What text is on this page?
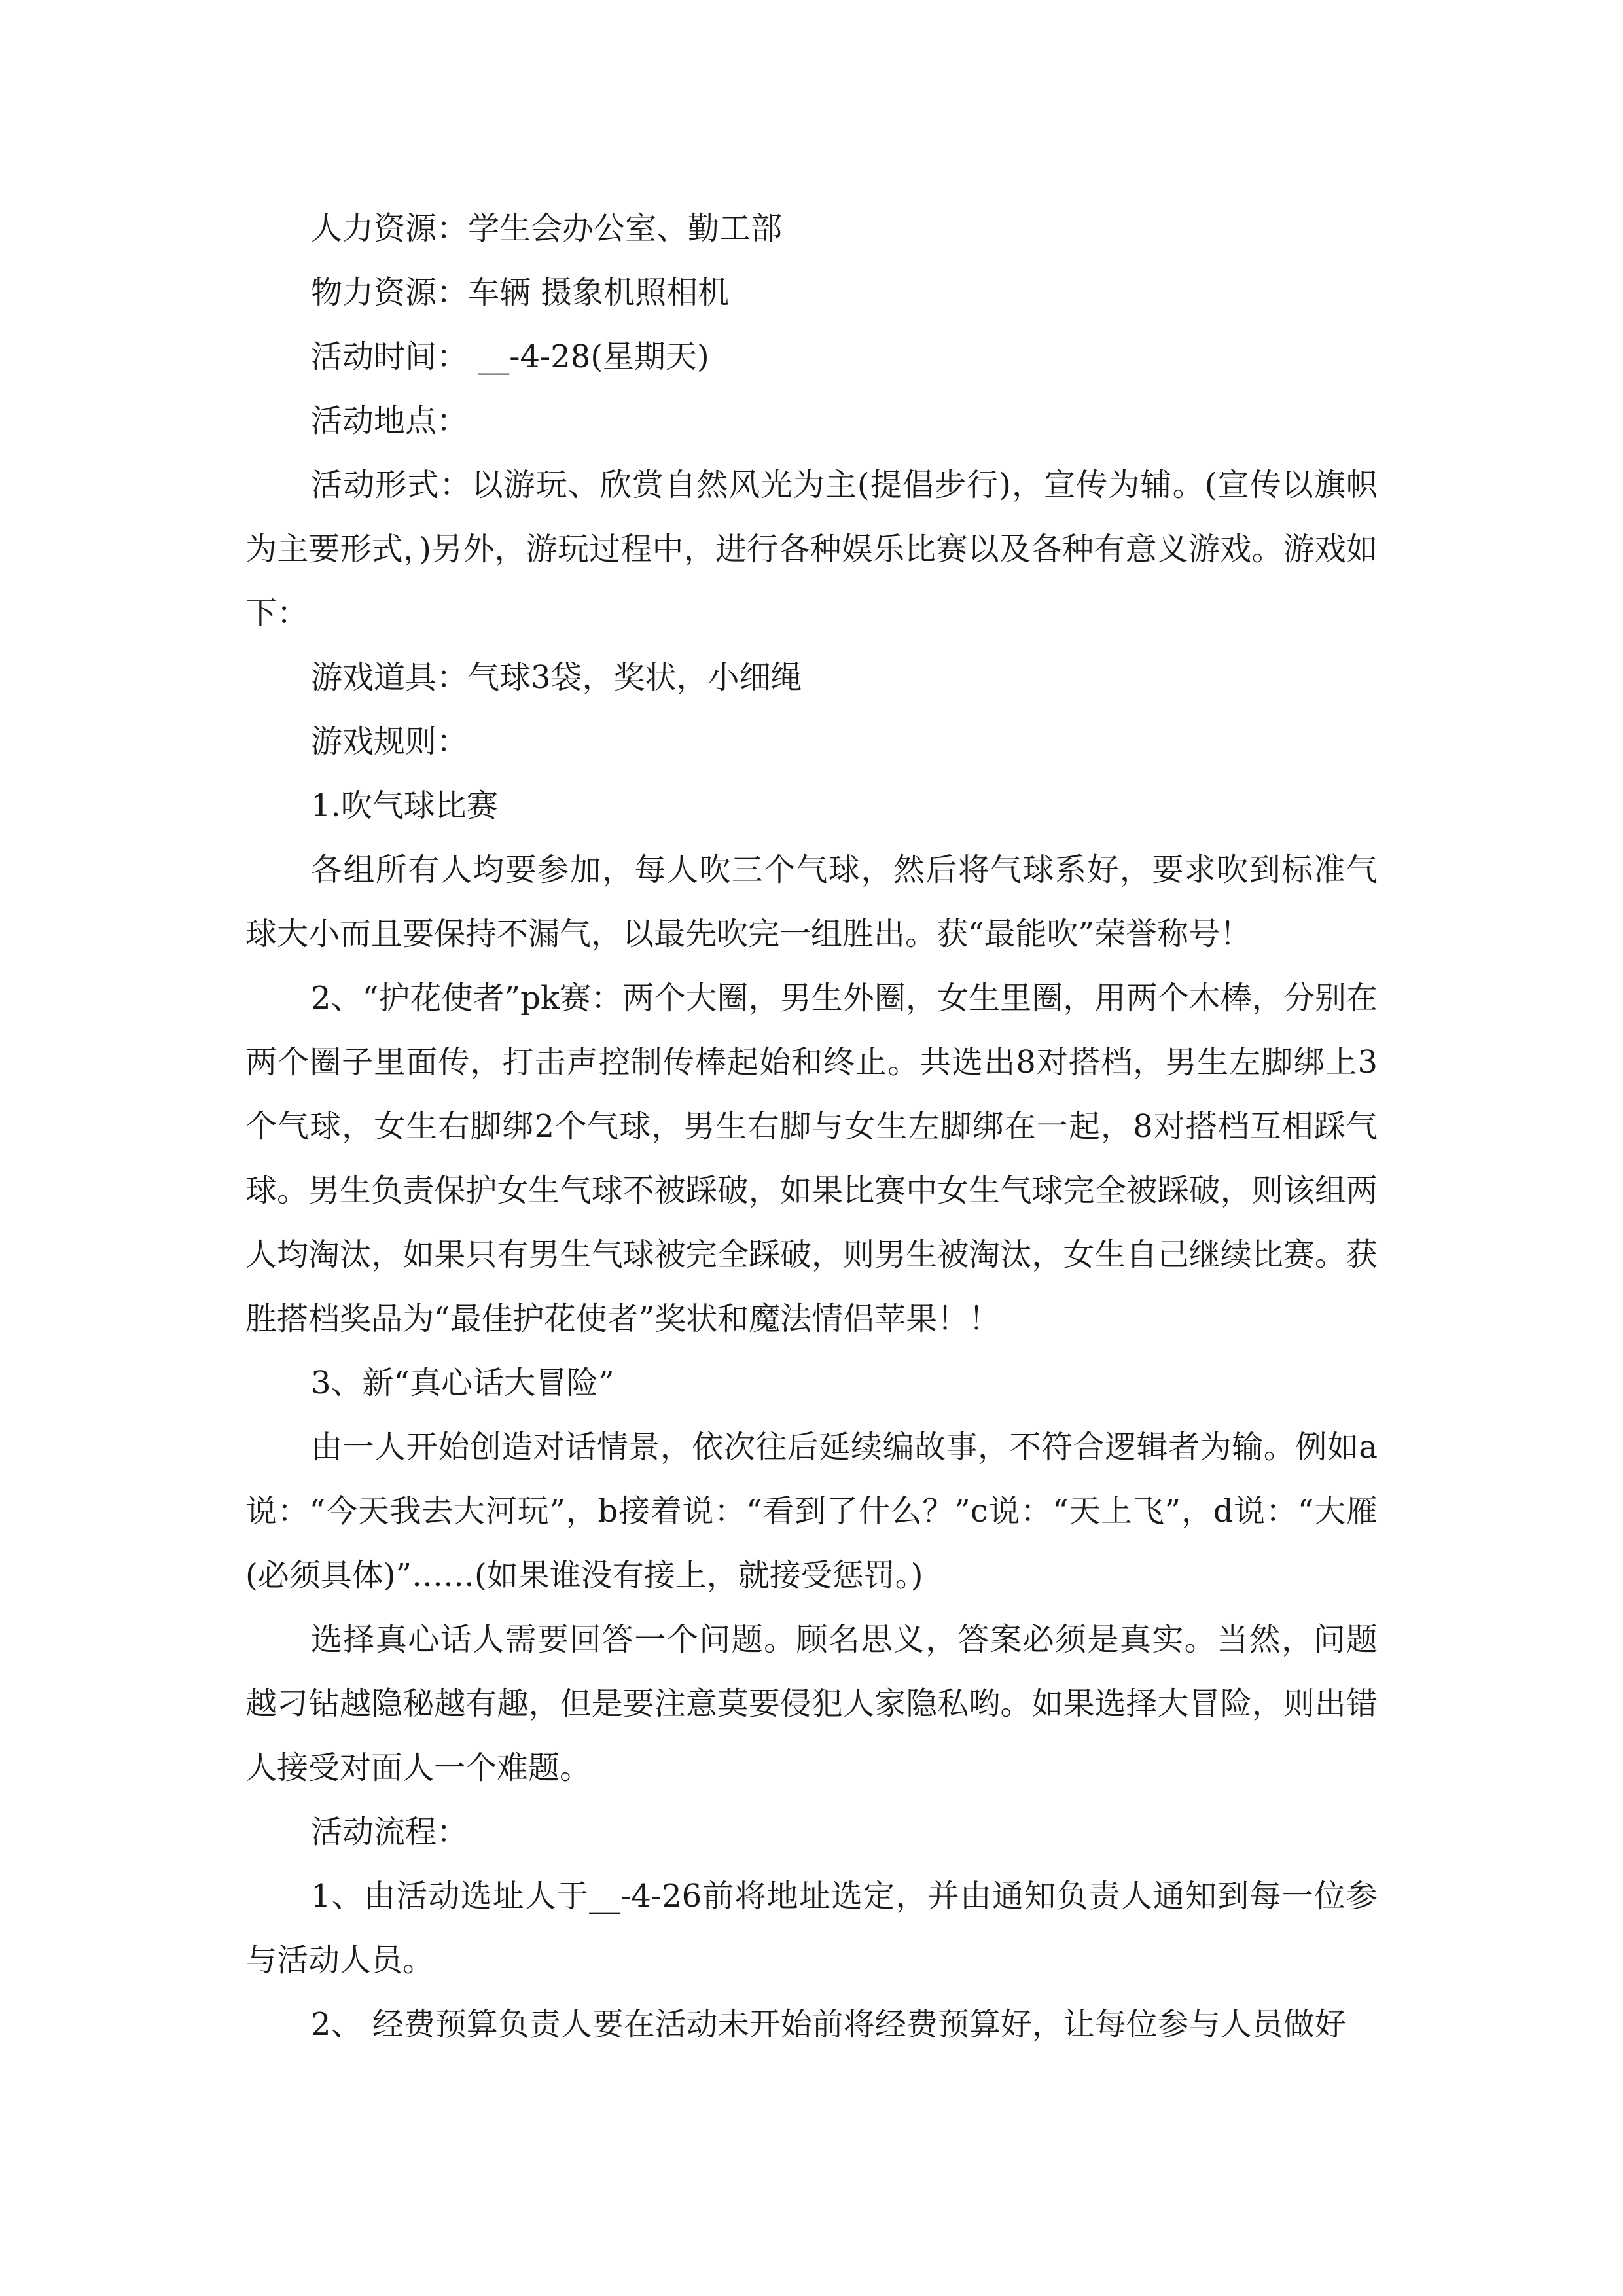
人力资源：学生会办公室、勤工部

物力资源：车辆 摄象机照相机

活动时间： __-4-28(星期天)

活动地点：

活动形式：以游玩、欣赏自然风光为主(提倡步行)，宣传为辅。(宣传以旗帜为主要形式，)另外，游玩过程中，进行各种娱乐比赛以及各种有意义游戏。游戏如下：

游戏道具：气球3袋，奖状，小细绳

游戏规则：

1.吹气球比赛

各组所有人均要参加，每人吹三个气球，然后将气球系好，要求吹到标准气球大小而且要保持不漏气，以最先吹完一组胜出。获“最能吹”荣誉称号！

2、“护花使者”pk赛：两个大圈，男生外圈，女生里圈，用两个木棒，分别在两个圈子里面传，打击声控制传棒起始和终止。共选出8对搭档，男生左脚绑上3个气球，女生右脚绑2个气球，男生右脚与女生左脚绑在一起，8对搭档互相踩气球。男生负责保护女生气球不被踩破，如果比赛中女生气球完全被踩破，则该组两人均淘汰，如果只有男生气球被完全踩破，则男生被淘汰，女生自己继续比赛。获胜搭档奖品为“最佳护花使者”奖状和魔法情侣苹果！！

3、新“真心话大冒险”

由一人开始创造对话情景，依次往后延续编故事，不符合逻辑者为输。例如a说：“今天我去大河玩”，b接着说：“看到了什么？”c说：“天上飞”，d说：“大雁(必须具体)”……(如果谁没有接上，就接受惩罚。)

选择真心话人需要回答一个问题。顾名思义，答案必须是真实。当然，问题越刁钻越隐秘越有趣，但是要注意莫要侵犯人家隐私哟。如果选择大冒险，则出错人接受对面人一个难题。

活动流程：

1、由活动选址人于__-4-26前将地址选定，并由通知负责人通知到每一位参与活动人员。

2、 经费预算负责人要在活动未开始前将经费预算好，让每位参与人员做好
